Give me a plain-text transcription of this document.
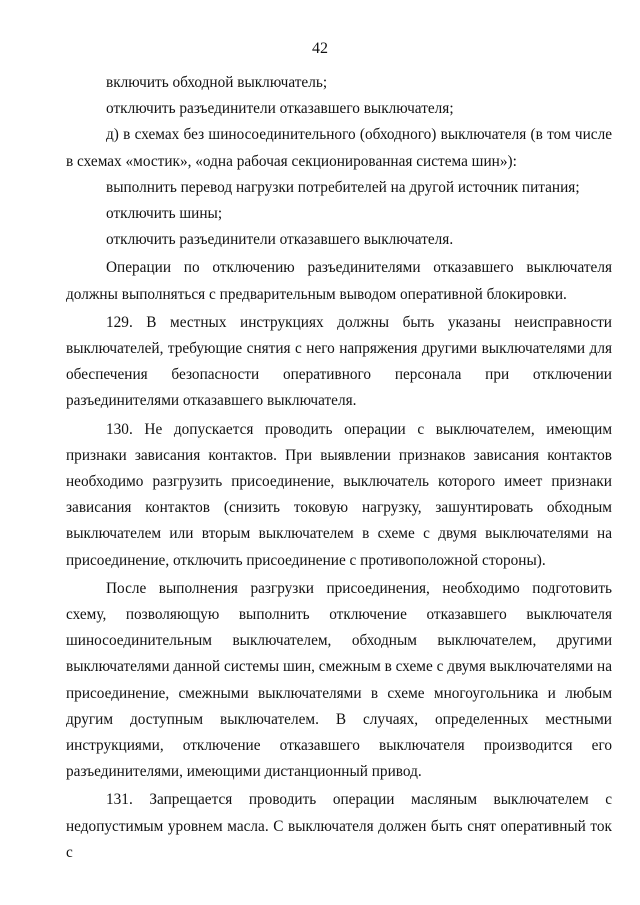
42

включить обходной выключатель;

отключить разъединители отказавшего выключателя;

д) в схемах без шиносоединительного (обходного) выключателя (в том числе в схемах «мостик», «одна рабочая секционированная система шин»):

выполнить перевод нагрузки потребителей на другой источник питания;

отключить шины;

отключить разъединители отказавшего выключателя.

Операции по отключению разъединителями отказавшего выключателя должны выполняться с предварительным выводом оперативной блокировки.

129. В местных инструкциях должны быть указаны неисправности выключателей, требующие снятия с него напряжения другими выключателями для обеспечения безопасности оперативного персонала при отключении разъединителями отказавшего выключателя.

130. Не допускается проводить операции с выключателем, имеющим признаки зависания контактов. При выявлении признаков зависания контактов необходимо разгрузить присоединение, выключатель которого имеет признаки зависания контактов (снизить токовую нагрузку, зашунтировать обходным выключателем или вторым выключателем в схеме с двумя выключателями на присоединение, отключить присоединение с противоположной стороны).

После выполнения разгрузки присоединения, необходимо подготовить схему, позволяющую выполнить отключение отказавшего выключателя шиносоединительным выключателем, обходным выключателем, другими выключателями данной системы шин, смежным в схеме с двумя выключателями на присоединение, смежными выключателями в схеме многоугольника и любым другим доступным выключателем. В случаях, определенных местными инструкциями, отключение отказавшего выключателя производится его разъединителями, имеющими дистанционный привод.

131. Запрещается проводить операции масляным выключателем с недопустимым уровнем масла. С выключателя должен быть снят оперативный ток с
